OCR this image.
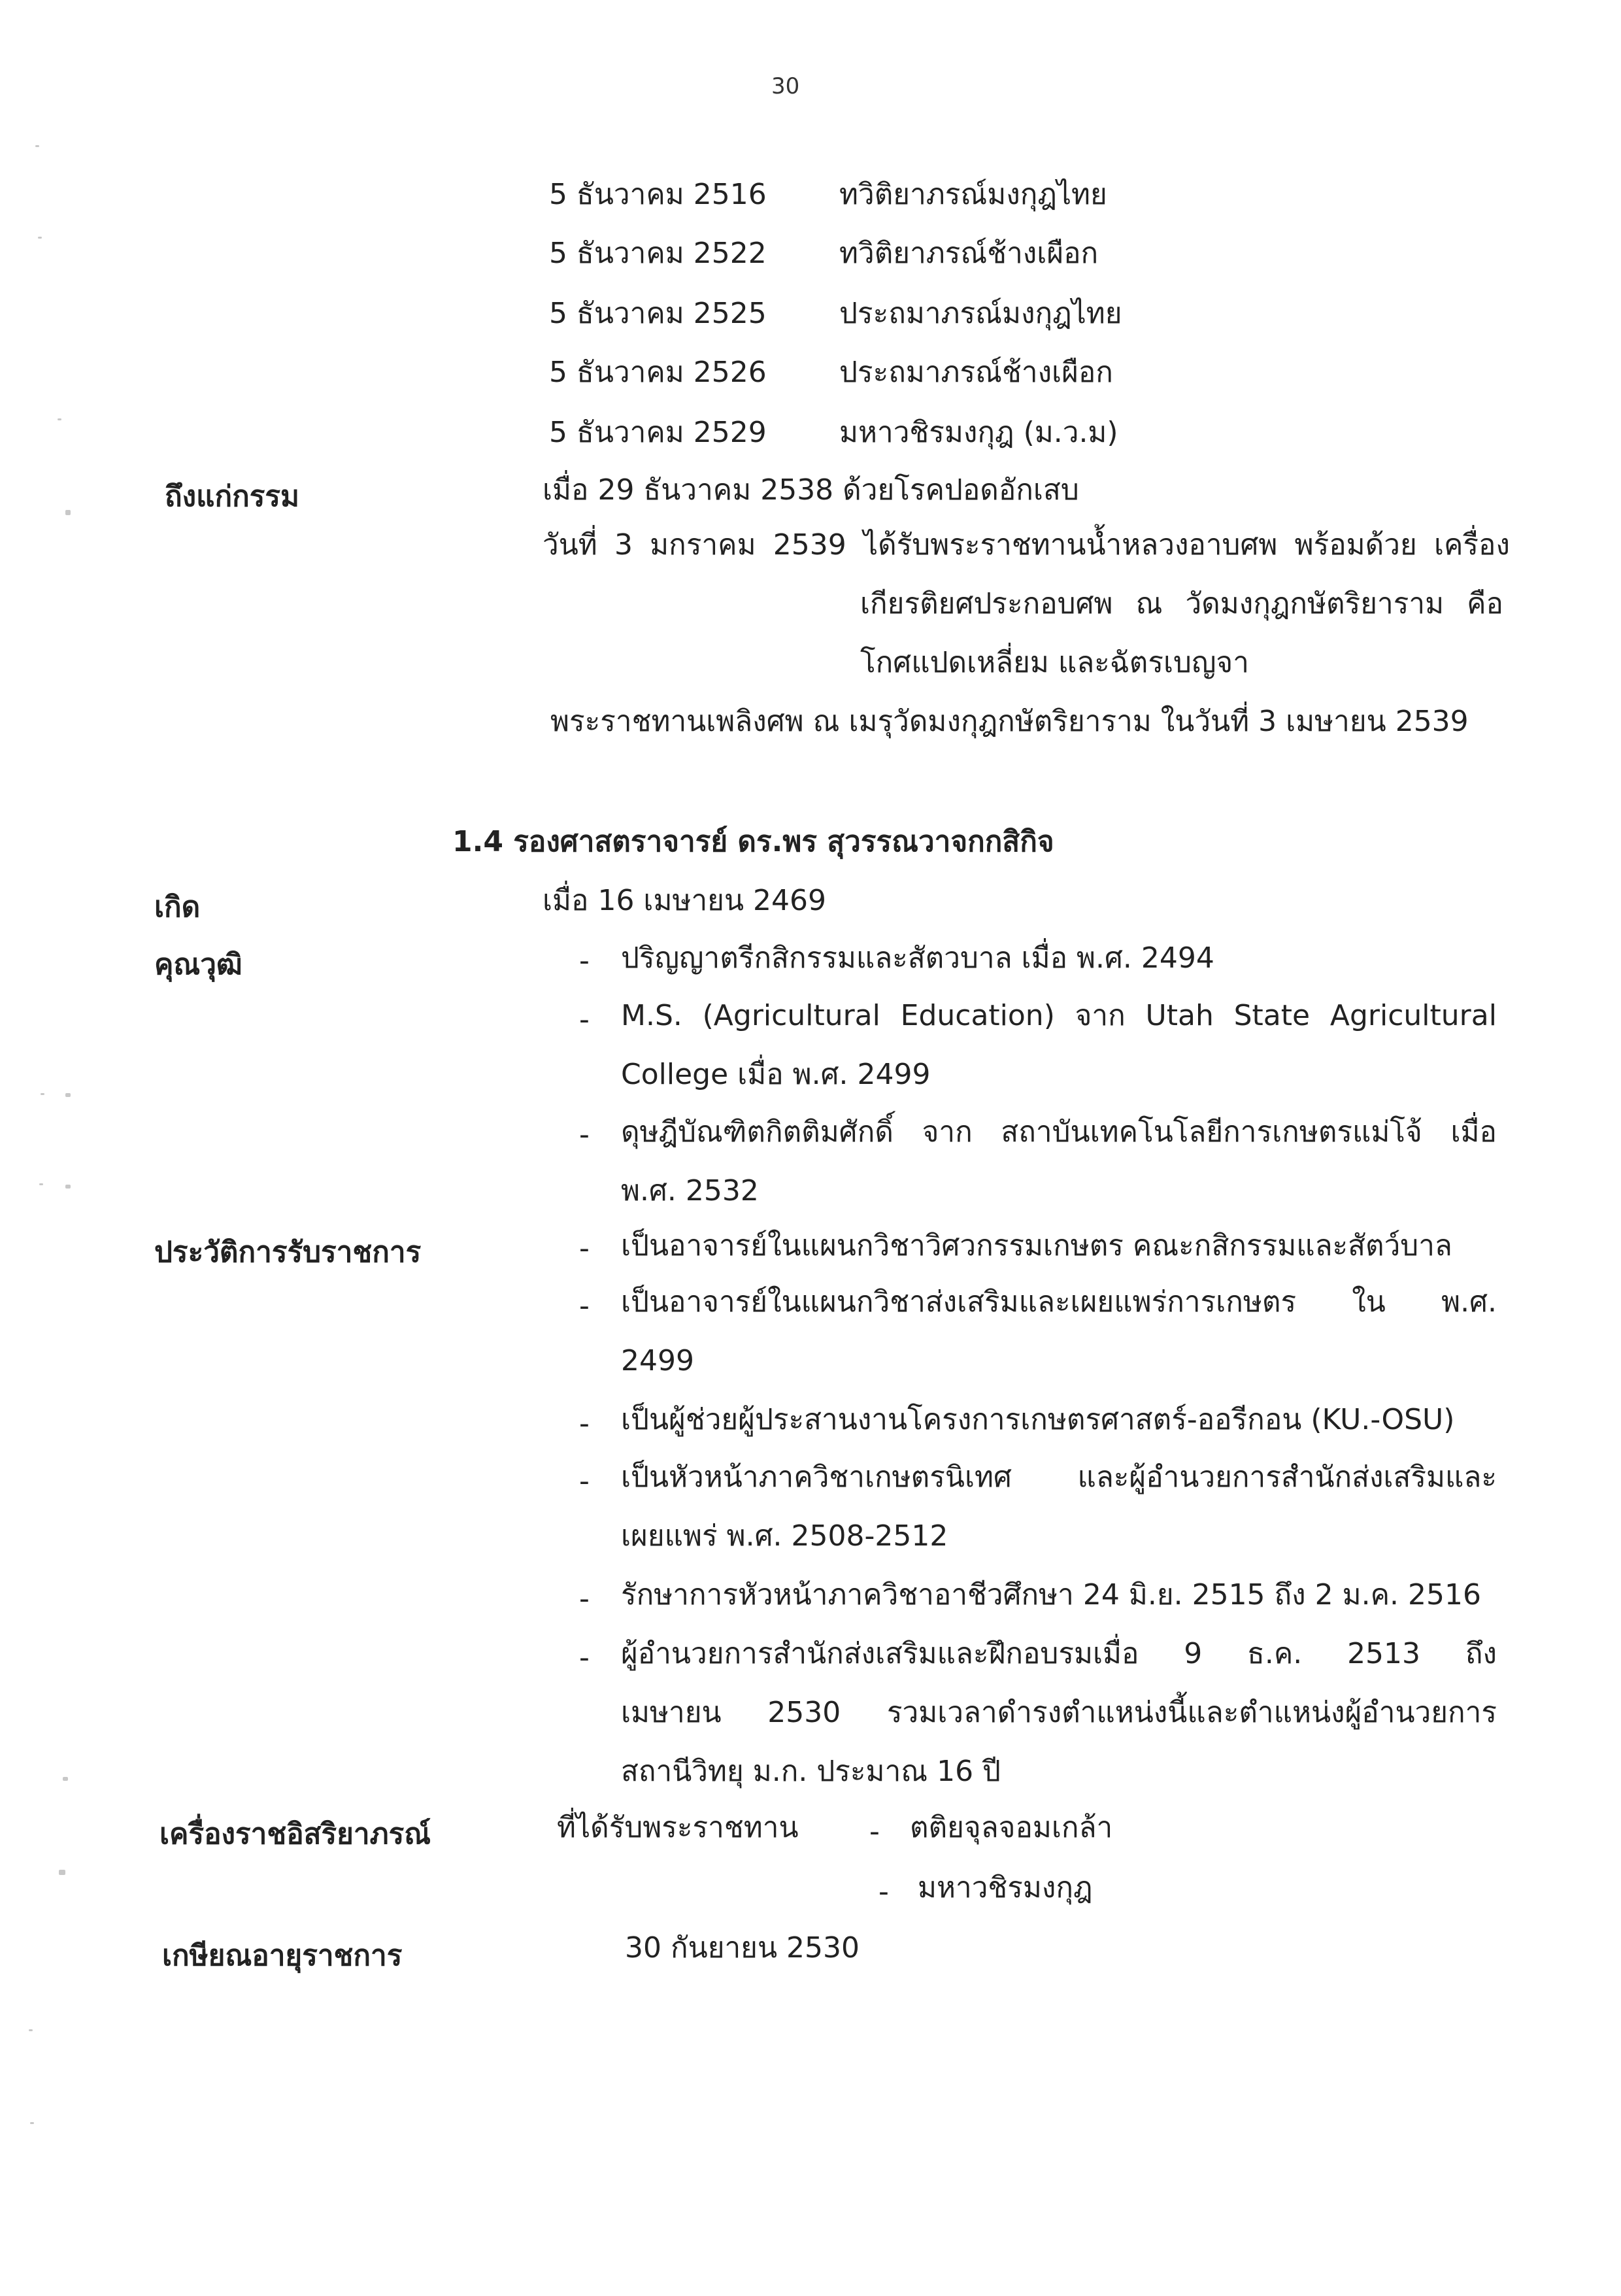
30
5 ธันวาคม 2516	ทวิติยาภรณ์มงกุฎไทย
5 ธันวาคม 2522	ทวิติยาภรณ์ช้างเผือก
5 ธันวาคม 2525	ประถมาภรณ์มงกุฎไทย
5 ธันวาคม 2526	ประถมาภรณ์ช้างเผือก
5 ธันวาคม 2529	มหาวชิรมงกุฎ (ม.ว.ม)
ถึงแก่กรรม	เมื่อ 29 ธันวาคม 2538 ด้วยโรคปอดอักเสบ
วันที่ 3 มกราคม 2539 ได้รับพระราชทานน้ำหลวงอาบศพ พร้อมด้วย เครื่อง
เกียรติยศประกอบศพ ณ วัดมงกุฎกษัตริยาราม คือ
โกศแปดเหลี่ยม และฉัตรเบญจา
พระราชทานเพลิงศพ ณ เมรุวัดมงกุฎกษัตริยาราม ในวันที่ 3 เมษายน 2539
1.4 รองศาสตราจารย์ ดร.พร สุวรรณวาจกกสิกิจ
เกิด	เมื่อ 16 เมษายน 2469
คุณวุฒิ	- ปริญญาตรีกสิกรรมและสัตวบาล เมื่อ พ.ศ. 2494
- M.S. (Agricultural Education) จาก Utah State Agricultural
College เมื่อ พ.ศ. 2499
- ดุษฎีบัณฑิตกิตติมศักดิ์ จาก สถาบันเทคโนโลยีการเกษตรแม่โจ้ เมื่อ
พ.ศ. 2532
ประวัติการรับราชการ	- เป็นอาจารย์ในแผนกวิชาวิศวกรรมเกษตร คณะกสิกรรมและสัตว์บาล
- เป็นอาจารย์ในแผนกวิชาส่งเสริมและเผยแพร่การเกษตร ใน พ.ศ.
2499
- เป็นผู้ช่วยผู้ประสานงานโครงการเกษตรศาสตร์-ออรีกอน (KU.-OSU)
- เป็นหัวหน้าภาควิชาเกษตรนิเทศ และผู้อำนวยการสำนักส่งเสริมและ
เผยแพร่ พ.ศ. 2508-2512
- รักษาการหัวหน้าภาควิชาอาชีวศึกษา 24 มิ.ย. 2515 ถึง 2 ม.ค. 2516
- ผู้อำนวยการสำนักส่งเสริมและฝึกอบรมเมื่อ 9 ธ.ค. 2513 ถึง
เมษายน 2530 รวมเวลาดำรงตำแหน่งนี้และตำแหน่งผู้อำนวยการ
สถานีวิทยุ ม.ก. ประมาณ 16 ปี
เครื่องราชอิสริยาภรณ์	ที่ได้รับพระราชทาน - ตติยจุลจอมเกล้า
- มหาวชิรมงกุฎ
เกษียณอายุราชการ	30 กันยายน 2530
